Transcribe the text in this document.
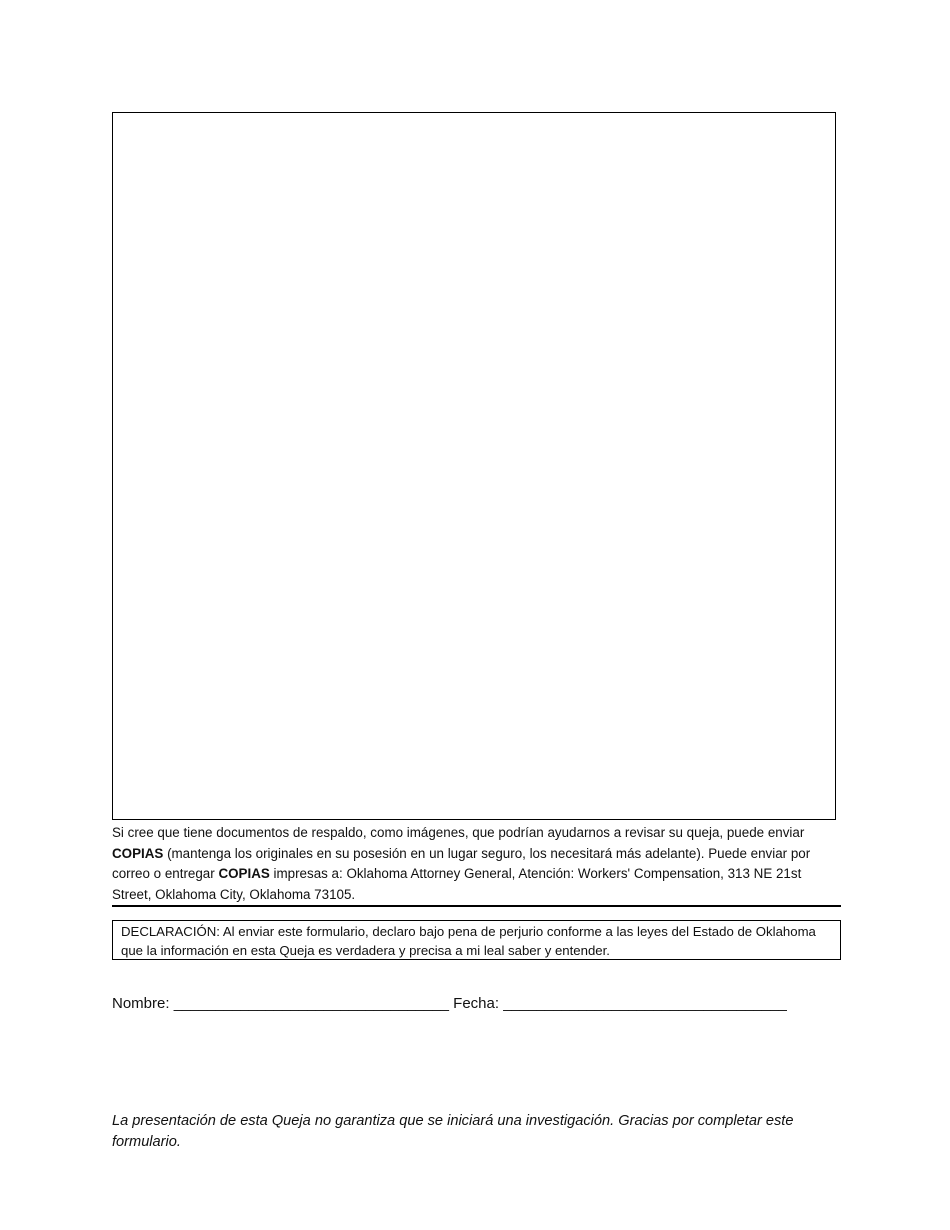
Si cree que tiene documentos de respaldo, como imágenes, que podrían ayudarnos a revisar su queja, puede enviar COPIAS (mantenga los originales en su posesión en un lugar seguro, los necesitará más adelante). Puede enviar por correo o entregar COPIAS impresas a: Oklahoma Attorney General, Atención: Workers' Compensation, 313 NE 21st Street, Oklahoma City, Oklahoma 73105.

DECLARACIÓN: Al enviar este formulario, declaro bajo pena de perjurio conforme a las leyes del Estado de Oklahoma que la información en esta Queja es verdadera y precisa a mi leal saber y entender.
Nombre: _________________________________ Fecha: __________________________________

La presentación de esta Queja no garantiza que se iniciará una investigación. Gracias por completar este formulario.
